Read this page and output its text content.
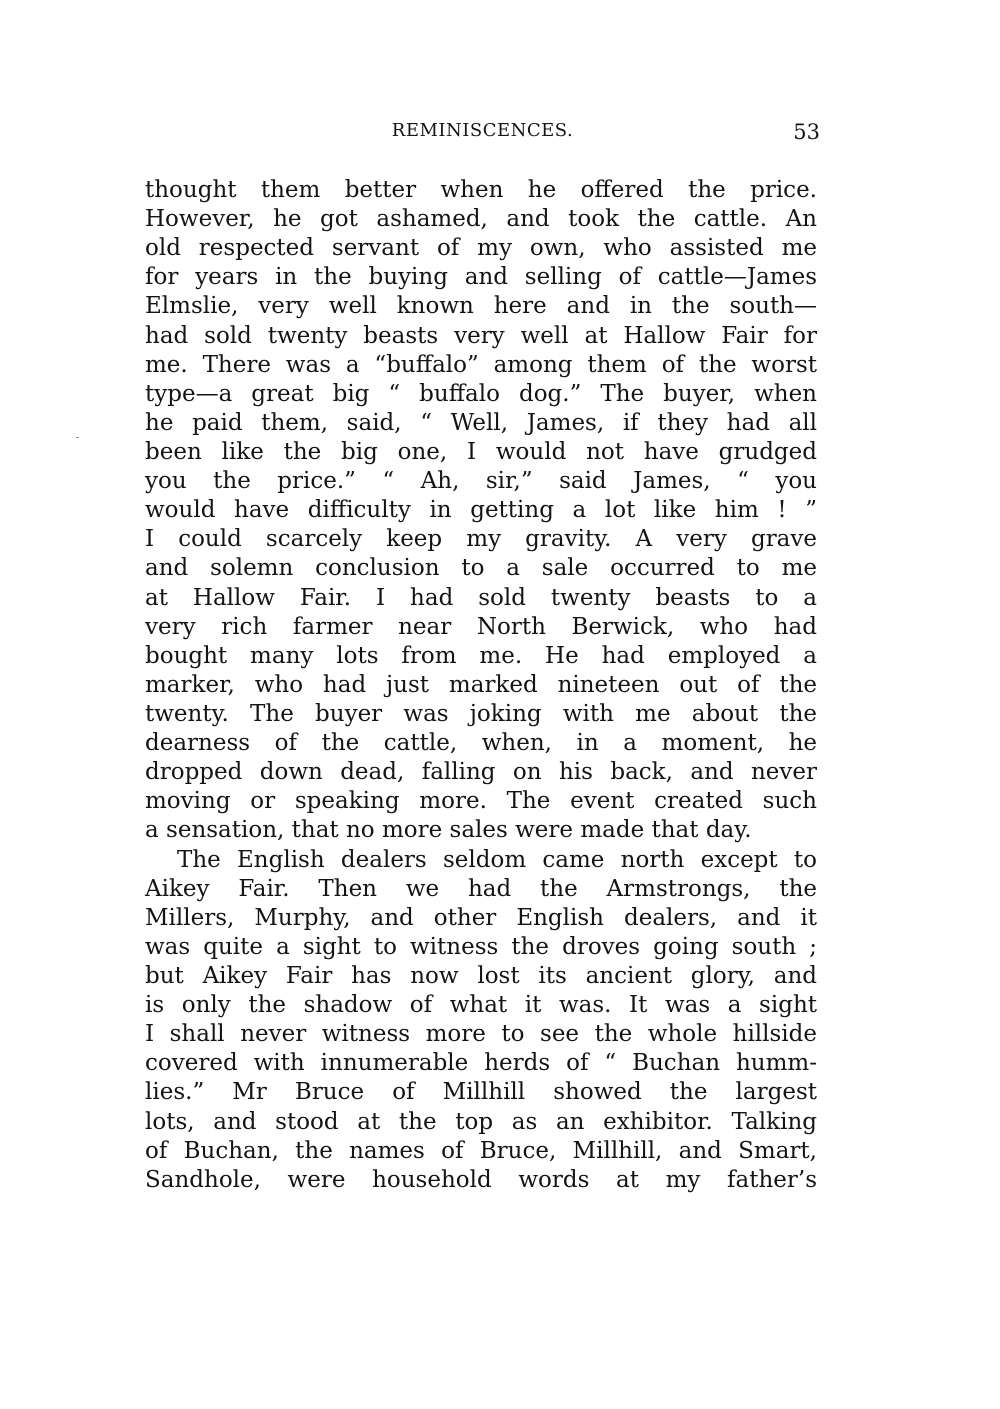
REMINISCENCES.	53
thought them better when he offered the price.
However, he got ashamed, and took the cattle. An
old respected servant of my own, who assisted me
for years in the buying and selling of cattle—James
Elmslie, very well known here and in the south—
had sold twenty beasts very well at Hallow Fair for
me. There was a “buffalo” among them of the worst
type—a great big “ buffalo dog.” The buyer, when
he paid them, said, “ Well, James, if they had all
been like the big one, I would not have grudged
you the price.” “ Ah, sir,” said James, “ you
would have difficulty in getting a lot like him ! ”
I could scarcely keep my gravity. A very grave
and solemn conclusion to a sale occurred to me
at Hallow Fair. I had sold twenty beasts to a
very rich farmer near North Berwick, who had
bought many lots from me. He had employed a
marker, who had just marked nineteen out of the
twenty. The buyer was joking with me about the
dearness of the cattle, when, in a moment, he
dropped down dead, falling on his back, and never
moving or speaking more. The event created such
a sensation, that no more sales were made that day.
The English dealers seldom came north except to
Aikey Fair. Then we had the Armstrongs, the
Millers, Murphy, and other English dealers, and it
was quite a sight to witness the droves going south ;
but Aikey Fair has now lost its ancient glory, and
is only the shadow of what it was. It was a sight
I shall never witness more to see the whole hillside
covered with innumerable herds of “ Buchan humm-
lies.” Mr Bruce of Millhill showed the largest
lots, and stood at the top as an exhibitor. Talking
of Buchan, the names of Bruce, Millhill, and Smart,
Sandhole, were household words at my father’s
